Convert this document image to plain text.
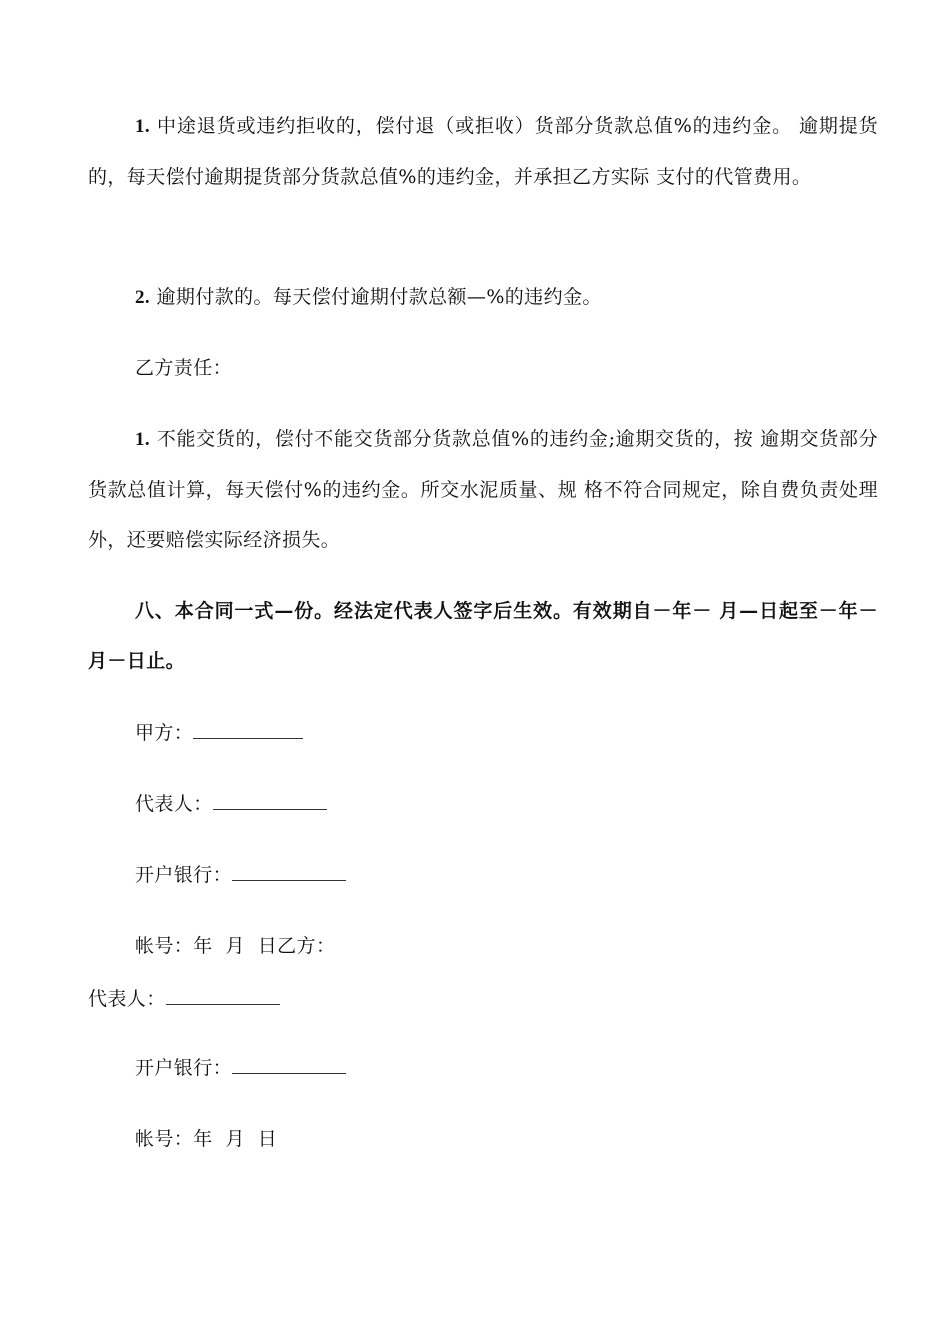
1. 中途退货或违约拒收的，偿付退（或拒收）货部分货款总值%的违约金。 逾期提货的，每天偿付逾期提货部分货款总值%的违约金，并承担乙方实际 支付的代管费用。

2. 逾期付款的。每天偿付逾期付款总额—%的违约金。

乙方责任：

1. 不能交货的，偿付不能交货部分货款总值%的违约金;逾期交货的，按 逾期交货部分货款总值计算，每天偿付%的违约金。所交水泥质量、规 格不符合同规定，除自费负责处理外，还要赔偿实际经济损失。

八、本合同一式—份。经法定代表人签字后生效。有效期自－年－ 月—日起至－年－月－日止。

甲方：
代表人：
开户银行：
帐号：年  月  日乙方：
代表人：
开户银行：
帐号：年  月  日
